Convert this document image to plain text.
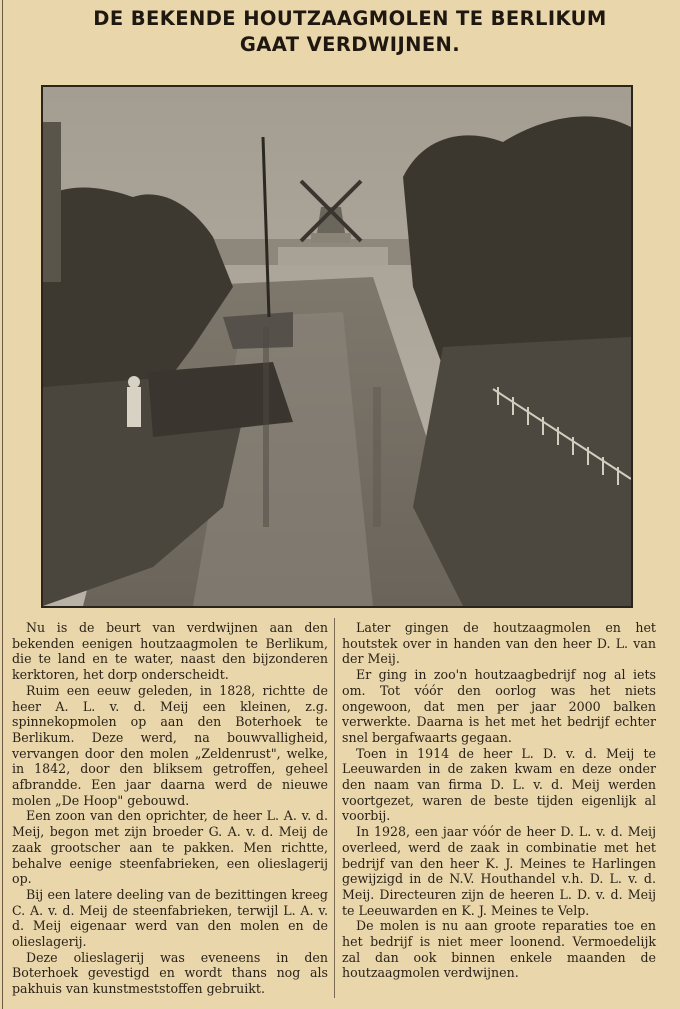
DE BEKENDE HOUTZAAGMOLEN TE BERLIKUM
GAAT VERDWIJNEN.

Nu is de beurt van verdwijnen aan den bekenden eenigen houtzaagmolen te Berlikum, die te land en te water, naast den bijzonderen kerktoren, het dorp onderscheidt.

Ruim een eeuw geleden, in 1828, richtte de heer A. L. v. d. Meij een kleinen, z.g. spinnekopmolen op aan den Boterhoek te Berlikum. Deze werd, na bouwvalligheid, vervangen door den molen „Zeldenrust", welke, in 1842, door den bliksem getroffen, geheel afbrandde. Een jaar daarna werd de nieuwe molen „De Hoop" gebouwd.

Een zoon van den oprichter, de heer L. A. v. d. Meij, begon met zijn broeder G. A. v. d. Meij de zaak grootscher aan te pakken. Men richtte, behalve eenige steenfabrieken, een olieslagerij op.

Bij een latere deeling van de bezittingen kreeg C. A. v. d. Meij de steenfabrieken, terwijl L. A. v. d. Meij eigenaar werd van den molen en de olieslagerij.

Deze olieslagerij was eveneens in den Boterhoek gevestigd en wordt thans nog als pakhuis van kunstmeststoffen gebruikt.

Later gingen de houtzaagmolen en het houtstek over in handen van den heer D. L. van der Meij.

Er ging in zoo'n houtzaagbedrijf nog al iets om. Tot vóór den oorlog was het niets ongewoon, dat men per jaar 2000 balken verwerkte. Daarna is het met het bedrijf echter snel bergafwaarts gegaan.

Toen in 1914 de heer L. D. v. d. Meij te Leeuwarden in de zaken kwam en deze onder den naam van firma D. L. v. d. Meij werden voortgezet, waren de beste tijden eigenlijk al voorbij.

In 1928, een jaar vóór de heer D. L. v. d. Meij overleed, werd de zaak in combinatie met het bedrijf van den heer K. J. Meines te Harlingen gewijzigd in de N.V. Houthandel v.h. D. L. v. d. Meij. Directeuren zijn de heeren L. D. v. d. Meij te Leeuwarden en K. J. Meines te Velp.

De molen is nu aan groote reparaties toe en het bedrijf is niet meer loonend. Vermoedelijk zal dan ook binnen enkele maanden de houtzaagmolen verdwijnen.
